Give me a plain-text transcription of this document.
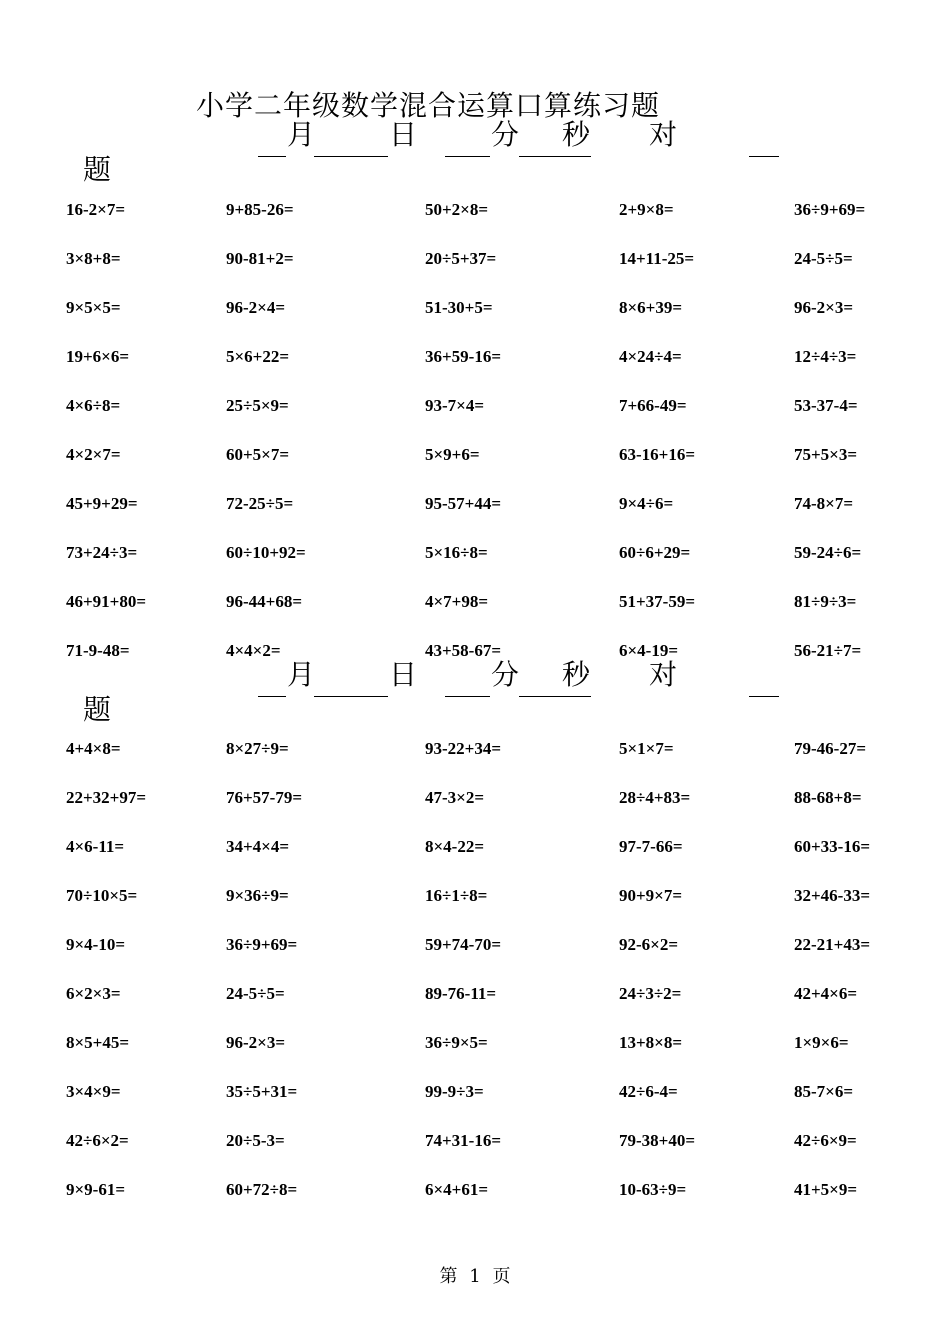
小学二年级数学混合运算口算练习题
月	日	分 秒 对
题
16-2×7=	9+85-26=	50+2×8=	2+9×8=	36÷9+69=
3×8+8=	90-81+2=	20÷5+37=	14+11-25=	24-5÷5=
9×5×5=	96-2×4=	51-30+5=	8×6+39=	96-2×3=
19+6×6=	5×6+22=	36+59-16=	4×24÷4=	12÷4÷3=
4×6÷8=	25÷5×9=	93-7×4=	7+66-49=	53-37-4=
4×2×7=	60+5×7=	5×9+6=	63-16+16=	75+5×3=
45+9+29=	72-25÷5=	95-57+44=	9×4÷6=	74-8×7=
73+24÷3=	60÷10+92=	5×16÷8=	60÷6+29=	59-24÷6=
46+91+80=	96-44+68=	4×7+98=	51+37-59=	81÷9÷3=
71-9-48=	4×4×2=	43+58-67=	6×4-19=	56-21÷7=
月	日	分 秒 对
题
4+4×8=	8×27÷9=	93-22+34=	5×1×7=	79-46-27=
22+32+97=	76+57-79=	47-3×2=	28÷4+83=	88-68+8=
4×6-11=	34+4×4=	8×4-22=	97-7-66=	60+33-16=
70÷10×5=	9×36÷9=	16÷1÷8=	90+9×7=	32+46-33=
9×4-10=	36÷9+69=	59+74-70=	92-6×2=	22-21+43=
6×2×3=	24-5÷5=	89-76-11=	24÷3÷2=	42+4×6=
8×5+45=	96-2×3=	36÷9×5=	13+8×8=	1×9×6=
3×4×9=	35÷5+31=	99-9÷3=	42÷6-4=	85-7×6=
42÷6×2=	20÷5-3=	74+31-16=	79-38+40=	42÷6×9=
9×9-61=	60+72÷8=	6×4+61=	10-63÷9=	41+5×9=
第 1 页
